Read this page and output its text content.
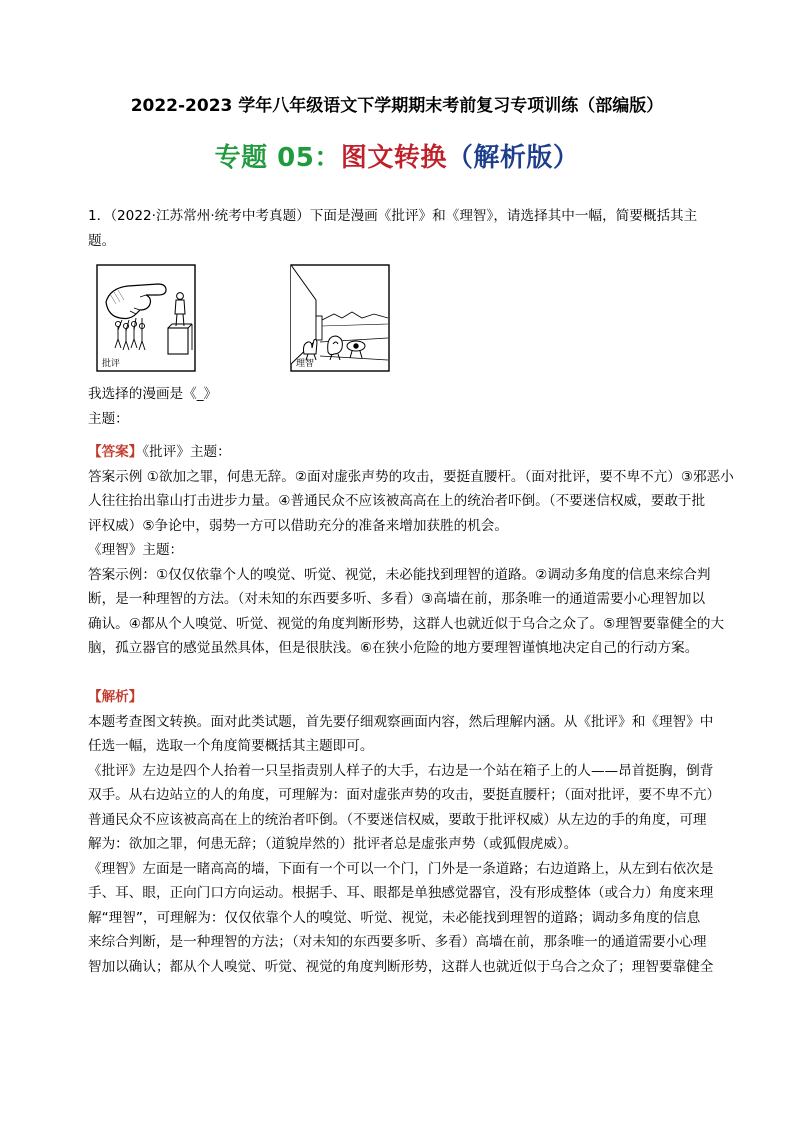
2022-2023 学年八年级语文下学期期末考前复习专项训练（部编版）
专题 05：图文转换（解析版）
1．（2022·江苏常州·统考中考真题）下面是漫画《批评》和《理智》，请选择其中一幅，简要概括其主
题。
批评	理智
我选择的漫画是《_》
主题：
【答案】《批评》主题：
答案示例 ①欲加之罪，何患无辞。②面对虚张声势的攻击，要挺直腰杆。（面对批评，要不卑不亢）③邪恶小
人往往抬出靠山打击进步力量。④普通民众不应该被高高在上的统治者吓倒。（不要迷信权威，要敢于批
评权威）⑤争论中，弱势一方可以借助充分的准备来增加获胜的机会。
《理智》主题：
答案示例：①仅仅依靠个人的嗅觉、听觉、视觉，未必能找到理智的道路。②调动多角度的信息来综合判
断，是一种理智的方法。（对未知的东西要多听、多看）③高墙在前，那条唯一的通道需要小心理智加以
确认。④都从个人嗅觉、听觉、视觉的角度判断形势，这群人也就近似于乌合之众了。⑤理智要靠健全的大
脑，孤立器官的感觉虽然具体，但是很肤浅。⑥在狭小危险的地方要理智谨慎地决定自己的行动方案。
【解析】
本题考查图文转换。面对此类试题，首先要仔细观察画面内容，然后理解内涵。从《批评》和《理智》中
任选一幅，选取一个角度简要概括其主题即可。
《批评》左边是四个人抬着一只呈指责别人样子的大手，右边是一个站在箱子上的人——昂首挺胸，倒背
双手。从右边站立的人的角度，可理解为：面对虚张声势的攻击，要挺直腰杆；（面对批评，要不卑不亢）
普通民众不应该被高高在上的统治者吓倒。（不要迷信权威，要敢于批评权威）从左边的手的角度，可理
解为：欲加之罪，何患无辞；（道貌岸然的）批评者总是虚张声势（或狐假虎威）。
《理智》左面是一睹高高的墙，下面有一个可以一个门，门外是一条道路；右边道路上，从左到右依次是
手、耳、眼，正向门口方向运动。根据手、耳、眼都是单独感觉器官，没有形成整体（或合力）角度来理
解“理智”，可理解为：仅仅依靠个人的嗅觉、听觉、视觉，未必能找到理智的道路；调动多角度的信息
来综合判断，是一种理智的方法；（对未知的东西要多听、多看）高墙在前，那条唯一的通道需要小心理
智加以确认；都从个人嗅觉、听觉、视觉的角度判断形势，这群人也就近似于乌合之众了；理智要靠健全
